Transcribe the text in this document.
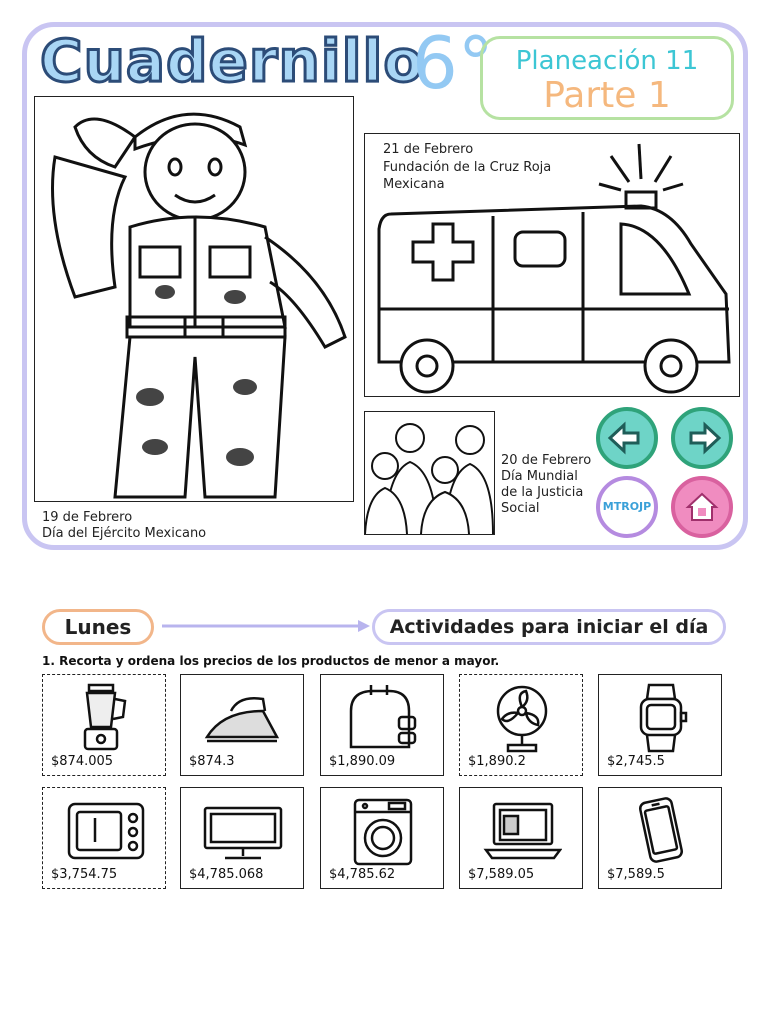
Cuadernillo
6° Planeación 11
Parte 1
19 de Febrero
Día del Ejército Mexicano
21 de Febrero
Fundación de la Cruz Roja
Mexicana
20 de Febrero
Día Mundial
de la Justicia
Social	MTROJP
Lunes	Actividades para iniciar el día
1. Recorta y ordena los precios de los productos de menor a mayor.
$874.005	$874.3	$1,890.09	$1,890.2	$2,745.5
$3,754.75	$4,785.068	$4,785.62	$7,589.05	$7,589.5
